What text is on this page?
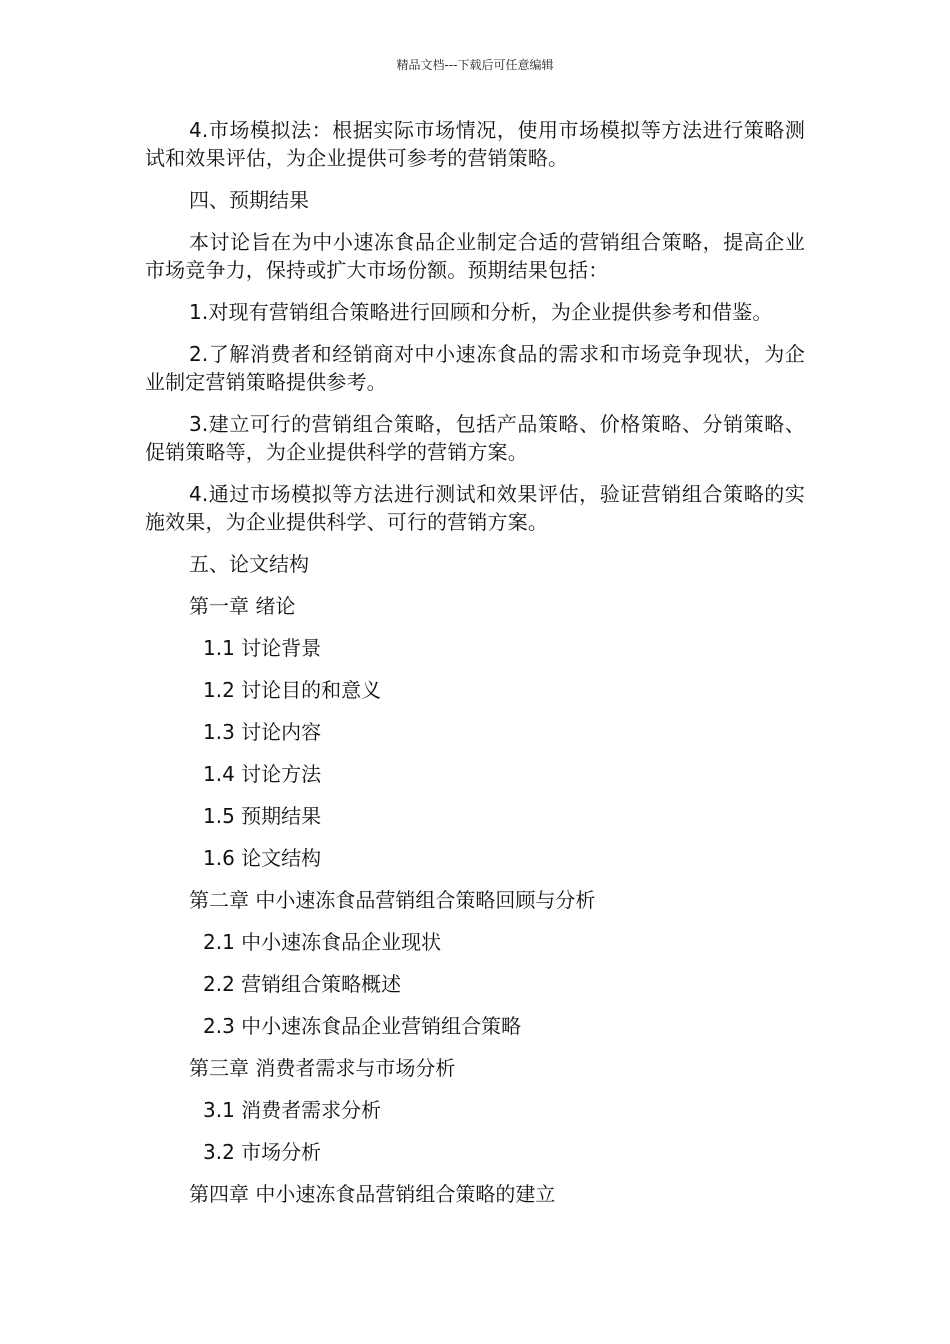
精品文档---下载后可任意编辑

4.市场模拟法：根据实际市场情况，使用市场模拟等方法进行策略测试和效果评估，为企业提供可参考的营销策略。

四、预期结果

本讨论旨在为中小速冻食品企业制定合适的营销组合策略，提高企业市场竞争力，保持或扩大市场份额。预期结果包括：

1.对现有营销组合策略进行回顾和分析，为企业提供参考和借鉴。

2.了解消费者和经销商对中小速冻食品的需求和市场竞争现状，为企业制定营销策略提供参考。

3.建立可行的营销组合策略，包括产品策略、价格策略、分销策略、促销策略等，为企业提供科学的营销方案。

4.通过市场模拟等方法进行测试和效果评估，验证营销组合策略的实施效果，为企业提供科学、可行的营销方案。

五、论文结构
第一章 绪论
1.1 讨论背景
1.2 讨论目的和意义
1.3 讨论内容
1.4 讨论方法
1.5 预期结果
1.6 论文结构
第二章 中小速冻食品营销组合策略回顾与分析
2.1 中小速冻食品企业现状
2.2 营销组合策略概述
2.3 中小速冻食品企业营销组合策略
第三章 消费者需求与市场分析
3.1 消费者需求分析
3.2 市场分析
第四章 中小速冻食品营销组合策略的建立
